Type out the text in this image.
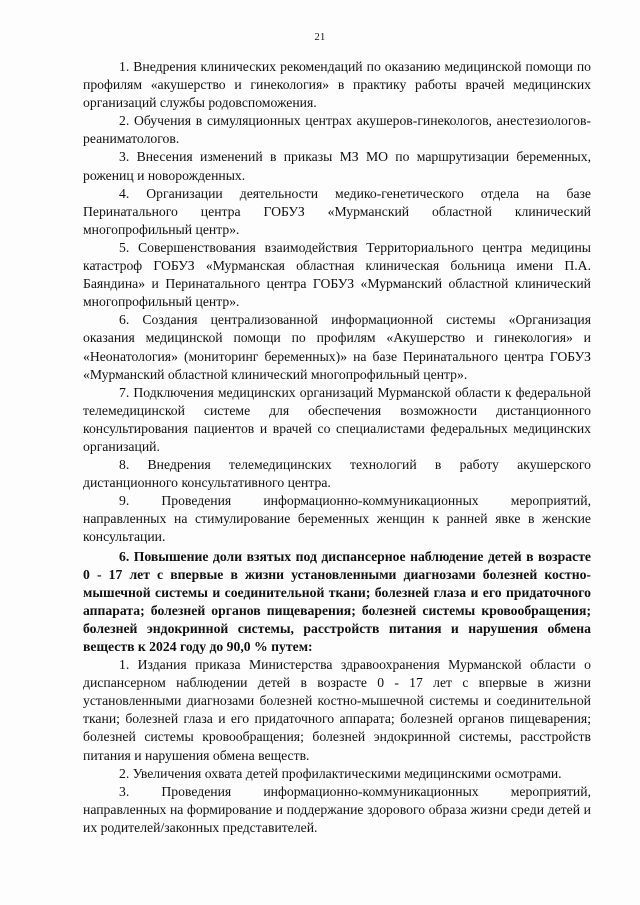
21

1. Внедрения клинических рекомендаций по оказанию медицинской помощи по профилям «акушерство и гинекология» в практику работы врачей медицинских организаций службы родовспоможения.

2. Обучения в симуляционных центрах акушеров-гинекологов, анестезиологов-реаниматологов.

3. Внесения изменений в приказы МЗ МО по маршрутизации беременных, рожениц и новорожденных.

4. Организации деятельности медико-генетического отдела на базе Перинатального центра ГОБУЗ «Мурманский областной клинический многопрофильный центр».

5. Совершенствования взаимодействия Территориального центра медицины катастроф ГОБУЗ «Мурманская областная клиническая больница имени П.А. Баяндина» и Перинатального центра ГОБУЗ «Мурманский областной клинический многопрофильный центр».

6. Создания централизованной информационной системы «Организация оказания медицинской помощи по профилям «Акушерство и гинекология» и «Неонатология» (мониторинг беременных)» на базе Перинатального центра ГОБУЗ «Мурманский областной клинический многопрофильный центр».

7. Подключения медицинских организаций Мурманской области к федеральной телемедицинской системе для обеспечения возможности дистанционного консультирования пациентов и врачей со специалистами федеральных медицинских организаций.

8. Внедрения телемедицинских технологий в работу акушерского дистанционного консультативного центра.

9. Проведения информационно-коммуникационных мероприятий, направленных на стимулирование беременных женщин к ранней явке в женские консультации.

6. Повышение доли взятых под диспансерное наблюдение детей в возрасте 0 - 17 лет с впервые в жизни установленными диагнозами болезней костно-мышечной системы и соединительной ткани; болезней глаза и его придаточного аппарата; болезней органов пищеварения; болезней системы кровообращения; болезней эндокринной системы, расстройств питания и нарушения обмена веществ к 2024 году до 90,0 % путем:

1. Издания приказа Министерства здравоохранения Мурманской области о диспансерном наблюдении детей в возрасте 0 - 17 лет с впервые в жизни установленными диагнозами болезней костно-мышечной системы и соединительной ткани; болезней глаза и его придаточного аппарата; болезней органов пищеварения; болезней системы кровообращения; болезней эндокринной системы, расстройств питания и нарушения обмена веществ.

2. Увеличения охвата детей профилактическими медицинскими осмотрами.

3. Проведения информационно-коммуникационных мероприятий, направленных на формирование и поддержание здорового образа жизни среди детей и их родителей/законных представителей.
